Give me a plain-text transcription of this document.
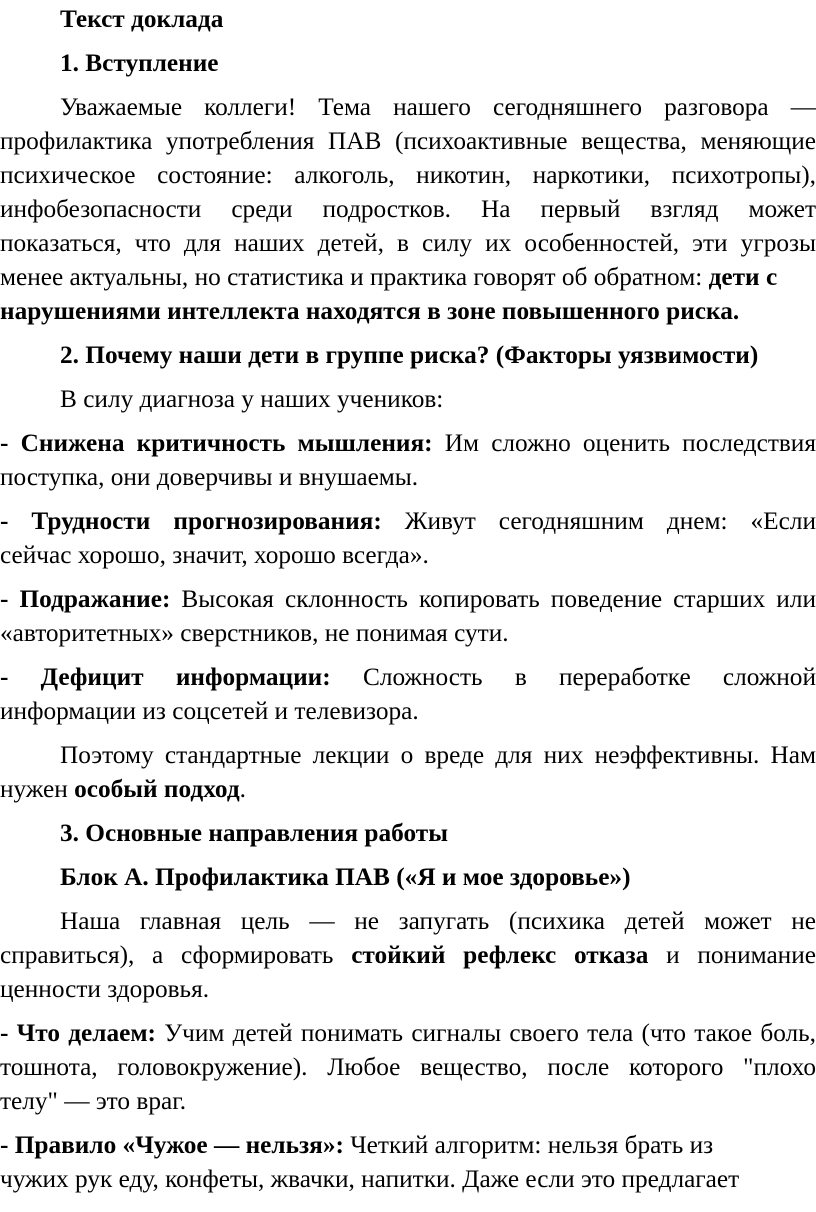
Текст доклада
1. Вступление
Уважаемые коллеги! Тема нашего сегодняшнего разговора —
профилактика употребления ПАВ (психоактивные вещества, меняющие
психическое состояние: алкоголь, никотин, наркотики, психотропы),
инфобезопасности среди подростков. На первый взгляд может
показаться, что для наших детей, в силу их особенностей, эти угрозы
менее актуальны, но статистика и практика говорят об обратном: дети с
нарушениями интеллекта находятся в зоне повышенного риска.
2. Почему наши дети в группе риска? (Факторы уязвимости)
В силу диагноза у наших учеников:
- Снижена критичность мышления: Им сложно оценить последствия
поступка, они доверчивы и внушаемы.
- Трудности прогнозирования: Живут сегодняшним днем: «Если
сейчас хорошо, значит, хорошо всегда».
- Подражание: Высокая склонность копировать поведение старших или
«авторитетных» сверстников, не понимая сути.
- Дефицит информации: Сложность в переработке сложной
информации из соцсетей и телевизора.
Поэтому стандартные лекции о вреде для них неэффективны. Нам
нужен особый подход.
3. Основные направления работы
Блок А. Профилактика ПАВ («Я и мое здоровье»)
Наша главная цель — не запугать (психика детей может не
справиться), а сформировать стойкий рефлекс отказа и понимание
ценности здоровья.
- Что делаем: Учим детей понимать сигналы своего тела (что такое боль,
тошнота, головокружение). Любое вещество, после которого "плохо
телу" — это враг.
- Правило «Чужое — нельзя»: Четкий алгоритм: нельзя брать из
чужих рук еду, конфеты, жвачки, напитки. Даже если это предлагает
